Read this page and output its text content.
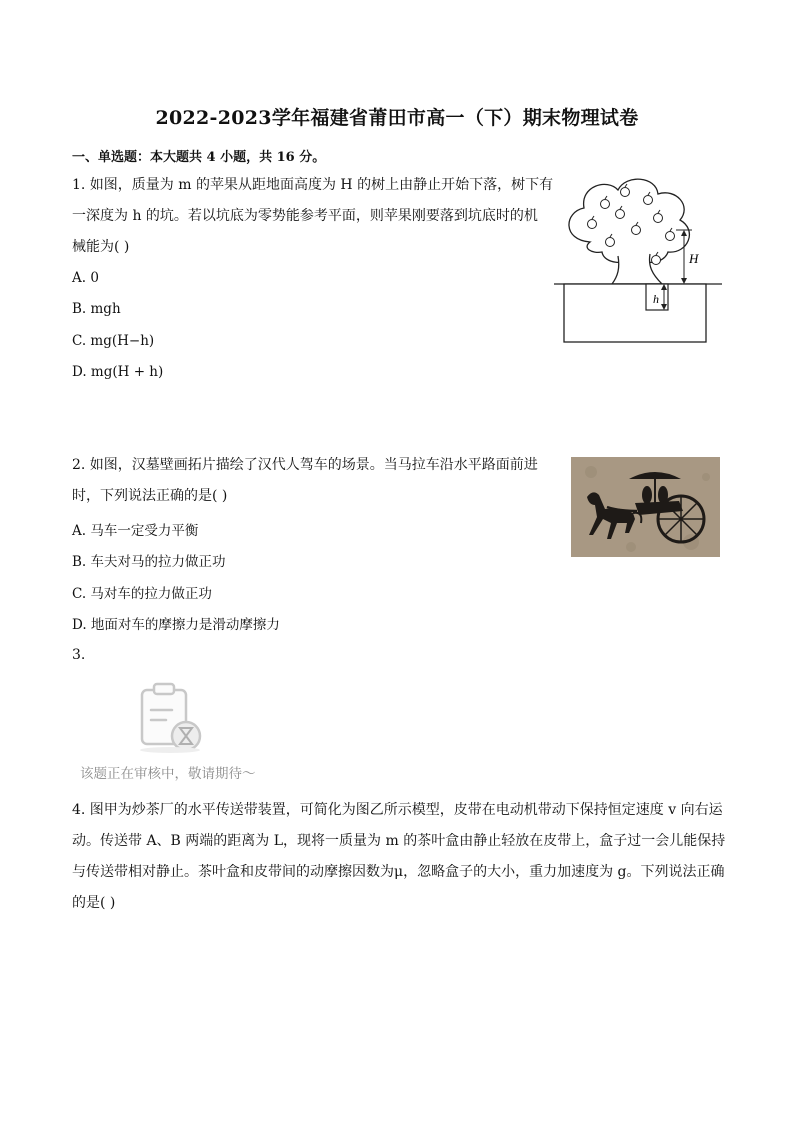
2022-2023学年福建省莆田市高一（下）期末物理试卷
一、单选题：本大题共 4 小题，共 16 分。
1. 如图，质量为 m 的苹果从距地面高度为 H 的树上由静止开始下落，树下有
一深度为 h 的坑。若以坑底为零势能参考平面，则苹果刚要落到坑底时的机
械能为( )
A. 0
B. mgh
C. mg(H−h)
D. mg(H + h)
H
h
2. 如图，汉墓壁画拓片描绘了汉代人驾车的场景。当马拉车沿水平路面前进
时，下列说法正确的是( )
A. 马车一定受力平衡
B. 车夫对马的拉力做正功
C. 马对车的拉力做正功
D. 地面对车的摩擦力是滑动摩擦力
3.
该题正在审核中，敬请期待～
4. 图甲为炒茶厂的水平传送带装置，可简化为图乙所示模型，皮带在电动机带动下保持恒定速度 v 向右运
动。传送带 A、B 两端的距离为 L，现将一质量为 m 的茶叶盒由静止轻放在皮带上，盒子过一会儿能保持
与传送带相对静止。茶叶盒和皮带间的动摩擦因数为μ，忽略盒子的大小，重力加速度为 g。下列说法正确
的是( )
